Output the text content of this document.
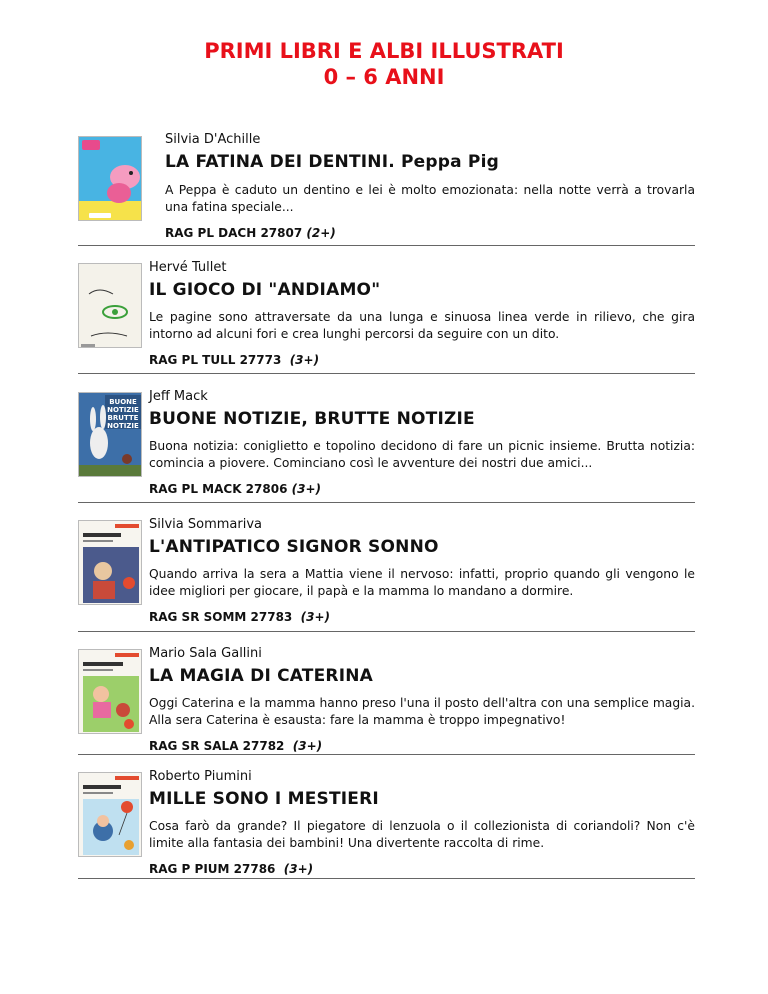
PRIMI LIBRI E ALBI ILLUSTRATI
0 – 6 ANNI
Silvia D'Achille
LA FATINA DEI DENTINI. Peppa Pig
A Peppa è caduto un dentino e lei è molto emozionata: nella notte verrà a trovarla una fatina speciale...
RAG PL DACH 27807 (2+)
Hervé Tullet
IL GIOCO DI "ANDIAMO"
Le pagine sono attraversate da una lunga e sinuosa linea verde in rilievo, che gira intorno ad alcuni fori e crea lunghi percorsi da seguire con un dito.
RAG PL TULL 27773 (3+)
BUONE
NOTIZIE
BRUTTE
NOTIZIE
Jeff Mack
BUONE NOTIZIE, BRUTTE NOTIZIE
Buona notizia: coniglietto e topolino decidono di fare un picnic insieme. Brutta notizia: comincia a piovere. Cominciano così le avventure dei nostri due amici...
RAG PL MACK 27806 (3+)
Silvia Sommariva
L'ANTIPATICO SIGNOR SONNO
Quando arriva la sera a Mattia viene il nervoso: infatti, proprio quando gli vengono le idee migliori per giocare, il papà e la mamma lo mandano a dormire.
RAG SR SOMM 27783 (3+)
Mario Sala Gallini
LA MAGIA DI CATERINA
Oggi Caterina e la mamma hanno preso l'una il posto dell'altra con una semplice magia. Alla sera Caterina è esausta: fare la mamma è troppo impegnativo!
RAG SR SALA 27782 (3+)
Roberto Piumini
MILLE SONO I MESTIERI
Cosa farò da grande? Il piegatore di lenzuola o il collezionista di coriandoli? Non c'è limite alla fantasia dei bambini! Una divertente raccolta di rime.
RAG P PIUM 27786 (3+)
